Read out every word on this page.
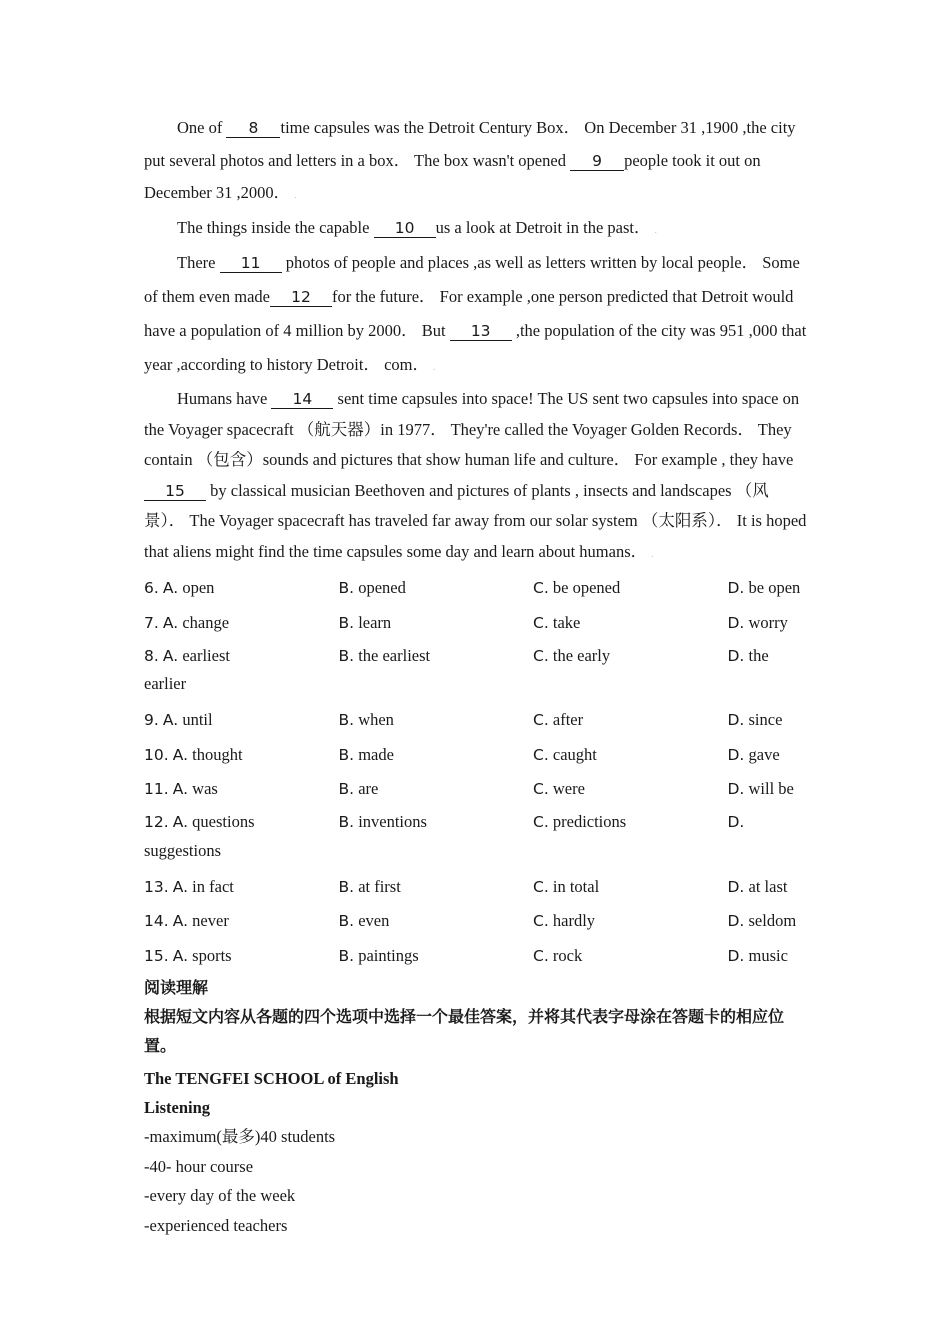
One of 8 time capsules was the Detroit Century Box． On December 31 ,1900 ,the city put several photos and letters in a box． The box wasn't opened 9 people took it out on December 31 ,2000． .

The things inside the capable 10 us a look at Detroit in the past． .

There 11 photos of people and places ,as well as letters written by local people． Some of them even made 12 for the future． For example ,one person predicted that Detroit would have a population of 4 million by 2000． But 13 ,the population of the city was 951 ,000 that year ,according to history Detroit． com． .

Humans have 14 sent time capsules into space! The US sent two capsules into space on the Voyager spacecraft （航天器）in 1977． They're called the Voyager Golden Records． They contain （包含）sounds and pictures that show human life and culture． For example , they have15 by classical musician Beethoven and pictures of plants , insects and landscapes （风景）． The Voyager spacecraft has traveled far away from our solar system （太阳系）． It is hoped that aliens might find the time capsules some day and learn about humans． .

6. A. open	B. opened	C. be opened	D. be open
7. A. change	B. learn	C. take	D. worry
8. A. earliest	B. the earliest	C. the early	D. the
earlier
9. A. until	B. when	C. after	D. since
10. A. thought	B. made	C. caught	D. gave
11. A. was	B. are	C. were	D. will be
12. A. questions	B. inventions	C. predictions	D.
suggestions
13. A. in fact	B. at first	C. in total	D. at last
14. A. never	B. even	C. hardly	D. seldom
15. A. sports	B. paintings	C. rock	D. music

阅读理解

根据短文内容从各题的四个选项中选择一个最佳答案，并将其代表字母涂在答题卡的相应位置。

The TENGFEI SCHOOL of English

Listening

-maximum(最多)40 students

-40- hour course

-every day of the week

-experienced teachers
